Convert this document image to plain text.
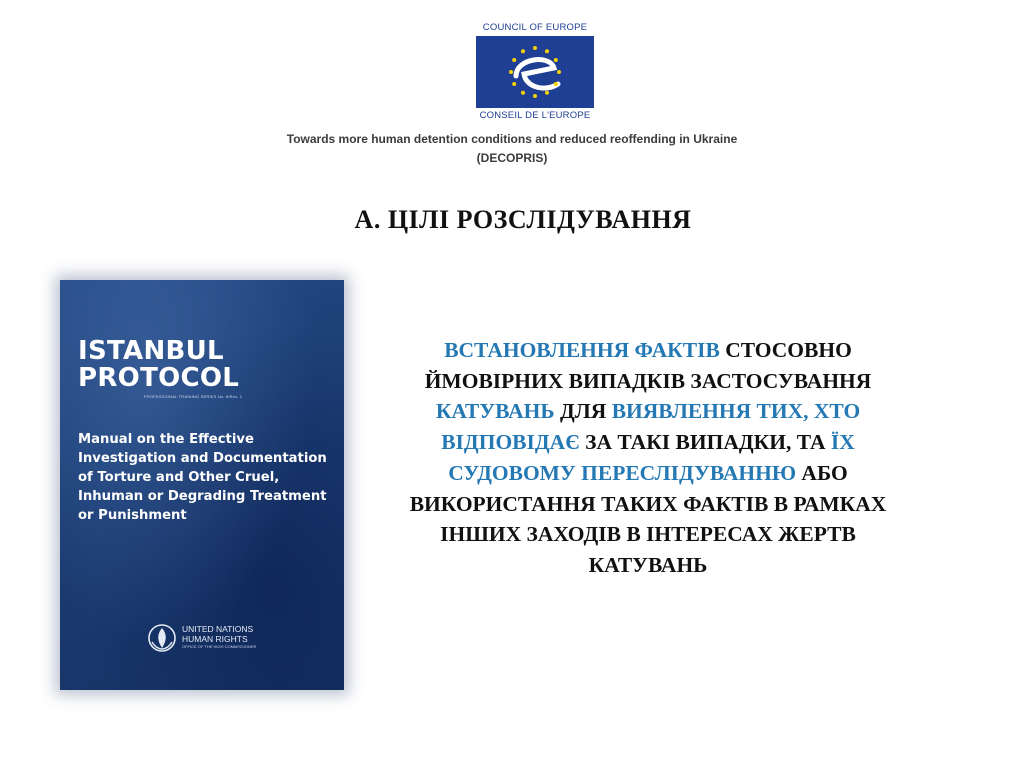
COUNCIL OF EUROPE
CONSEIL DE L'EUROPE
Towards more human detention conditions and reduced reoffending in Ukraine
(DECOPRIS)
А. ЦІЛІ РОЗСЛІДУВАННЯ
ISTANBUL
PROTOCOL
PROFESSIONAL TRAINING SERIES No. 8/Rev. 1
Manual on the Effective Investigation and Documentation of Torture and Other Cruel, Inhuman or Degrading Treatment or Punishment
UNITED NATIONS
HUMAN RIGHTS
OFFICE OF THE HIGH COMMISSIONER
ВСТАНОВЛЕННЯ ФАКТІВ СТОСОВНО ЙМОВІРНИХ ВИПАДКІВ ЗАСТОСУВАННЯ КАТУВАНЬ ДЛЯ ВИЯВЛЕННЯ ТИХ, ХТО ВІДПОВІДАЄ ЗА ТАКІ ВИПАДКИ, ТА ЇХ СУДОВОМУ ПЕРЕСЛІДУВАННЮ АБО ВИКОРИСТАННЯ ТАКИХ ФАКТІВ В РАМКАХ ІНШИХ ЗАХОДІВ В ІНТЕРЕСАХ ЖЕРТВ КАТУВАНЬ
